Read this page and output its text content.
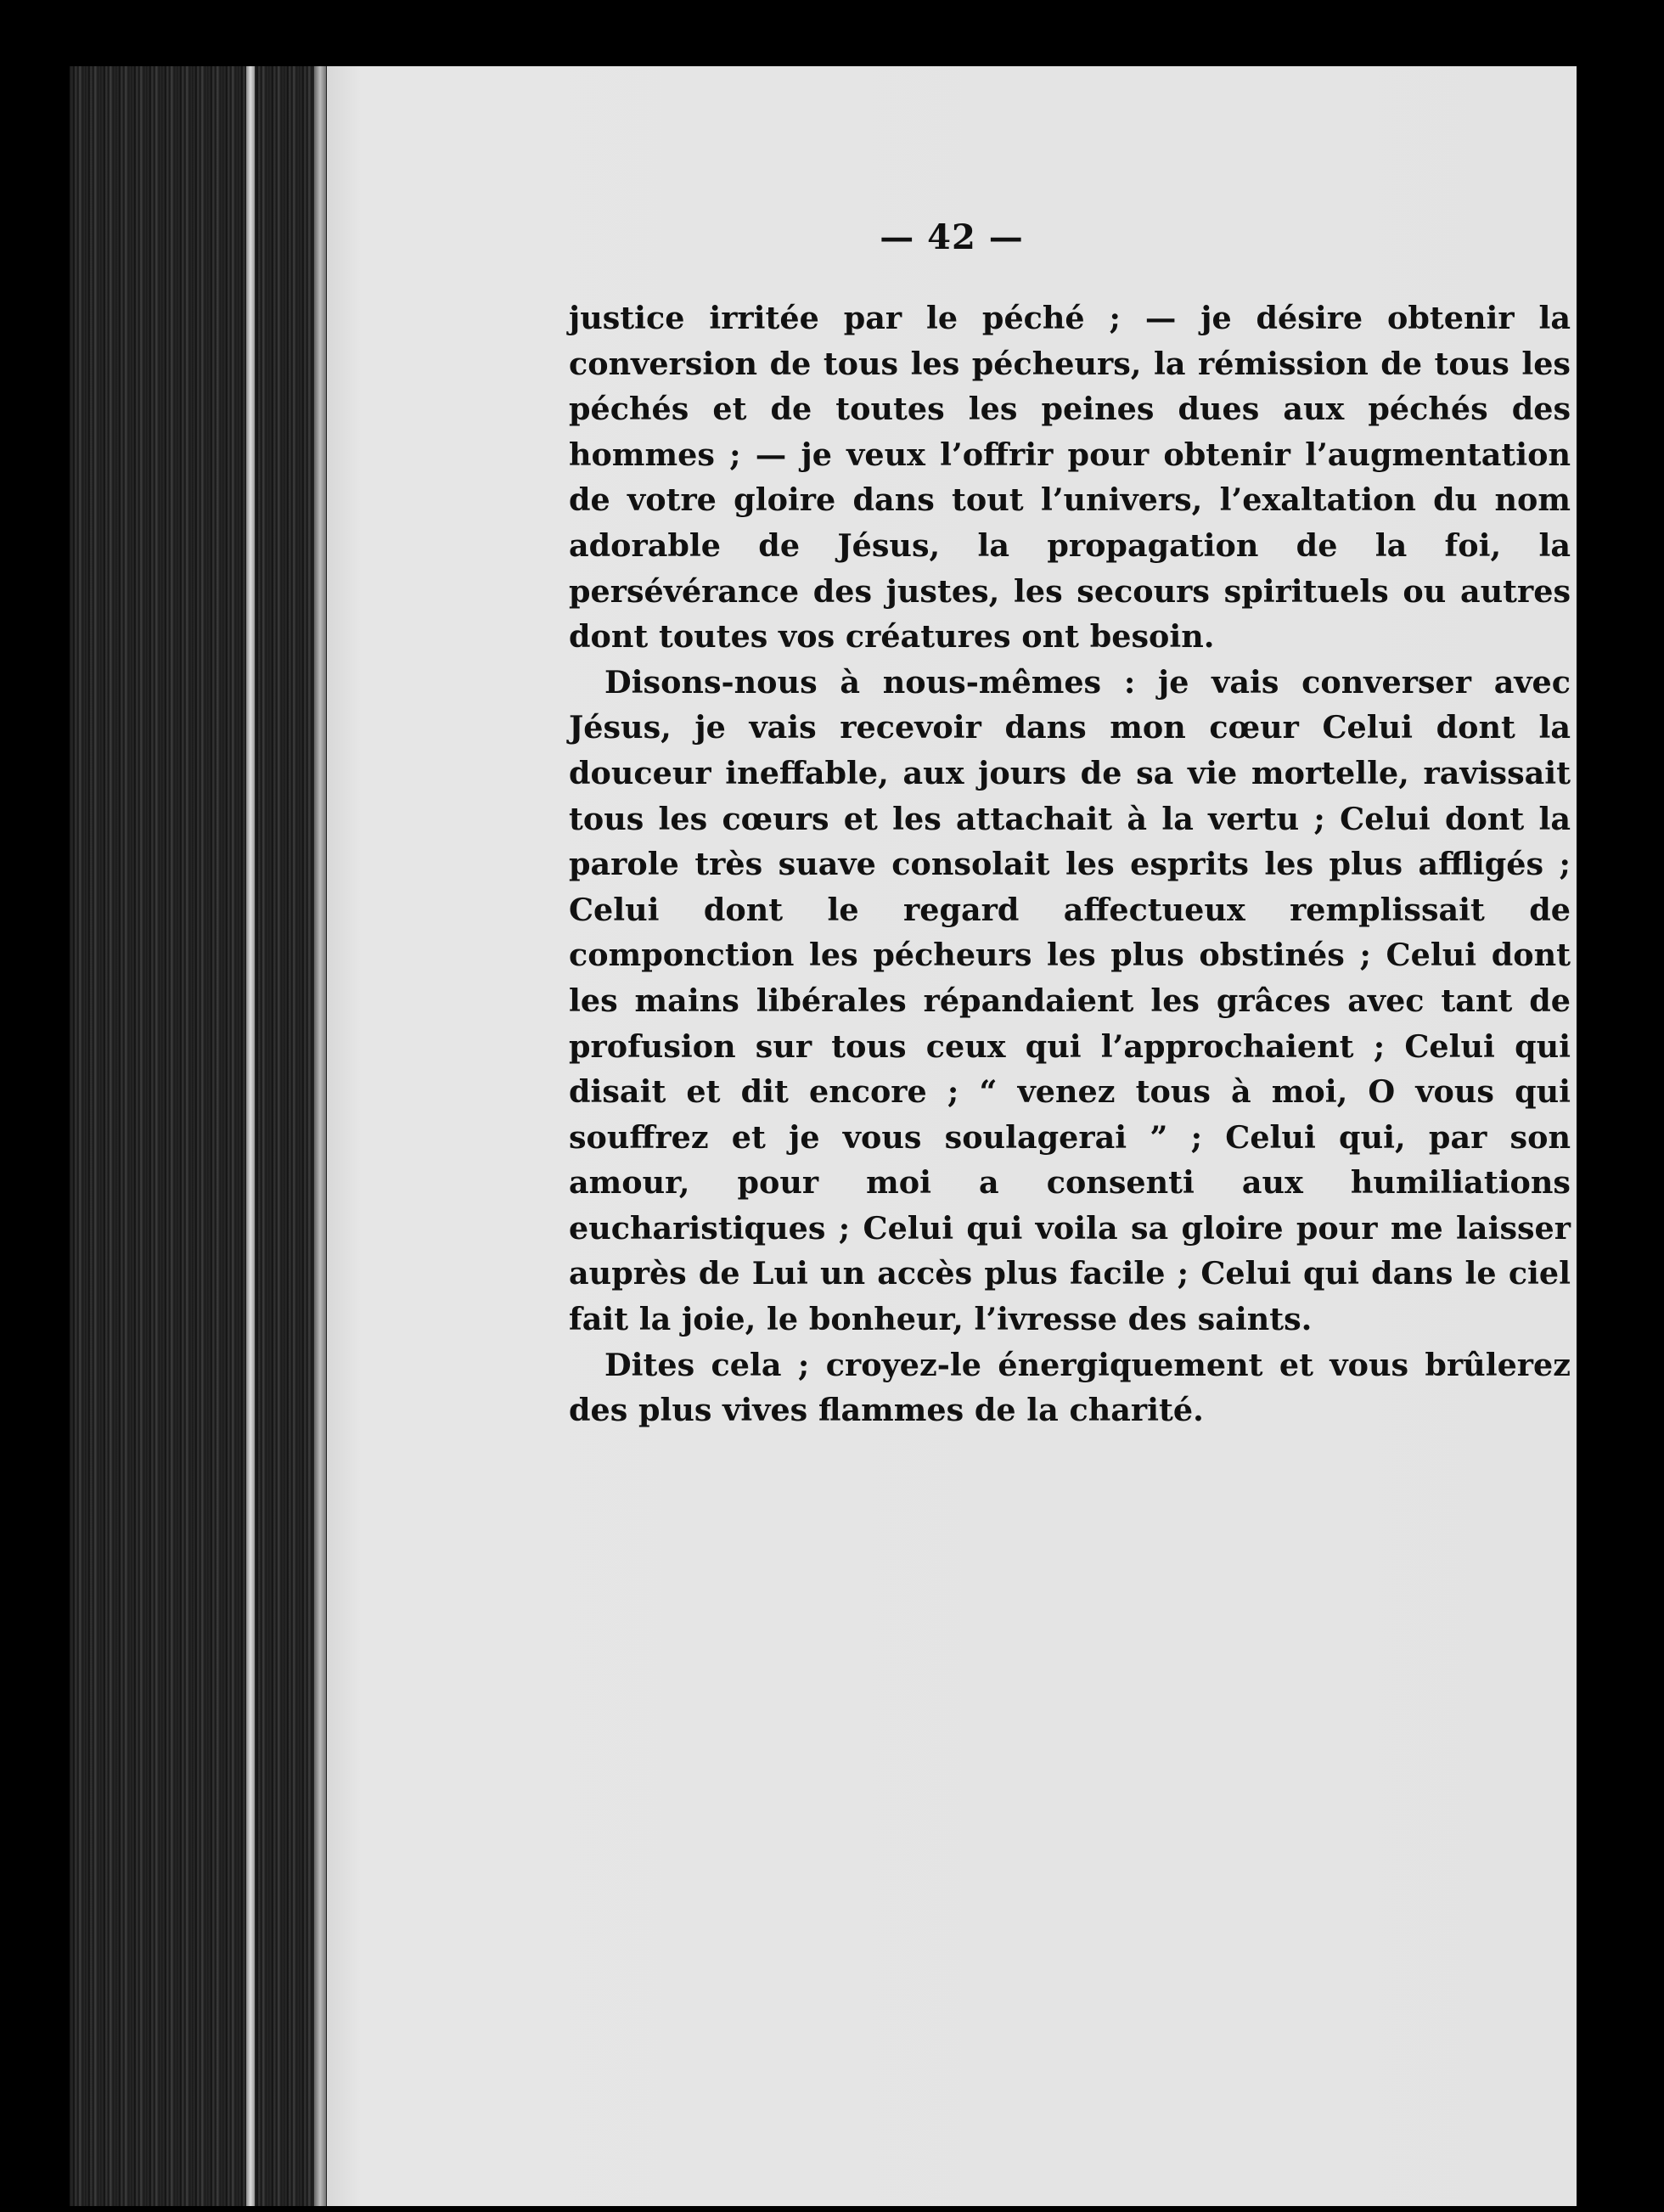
— 42 —

justice irritée par le péché ; — je désire obtenir la conversion de tous les pécheurs, la rémission de tous les péchés et de toutes les peines dues aux péchés des hommes ; — je veux l’offrir pour obtenir l’augmentation de votre gloire dans tout l’univers, l’exaltation du nom adorable de Jésus, la propagation de la foi, la persévérance des justes, les secours spirituels ou autres dont toutes vos créatures ont besoin.

Disons-nous à nous-mêmes : je vais converser avec Jésus, je vais recevoir dans mon cœur Celui dont la douceur ineffable, aux jours de sa vie mortelle, ravissait tous les cœurs et les attachait à la vertu ; Celui dont la parole très suave consolait les esprits les plus affligés ; Celui dont le regard affectueux remplissait de componction les pécheurs les plus obstinés ; Celui dont les mains libérales répandaient les grâces avec tant de profusion sur tous ceux qui l’approchaient ; Celui qui disait et dit encore ; “ venez tous à moi, O vous qui souffrez et je vous soulagerai ” ; Celui qui, par son amour, pour moi a consenti aux humiliations eucharistiques ; Celui qui voila sa gloire pour me laisser auprès de Lui un accès plus facile ; Celui qui dans le ciel fait la joie, le bonheur, l’ivresse des saints.

Dites cela ; croyez-le énergiquement et vous brûlerez des plus vives flammes de la charité.
